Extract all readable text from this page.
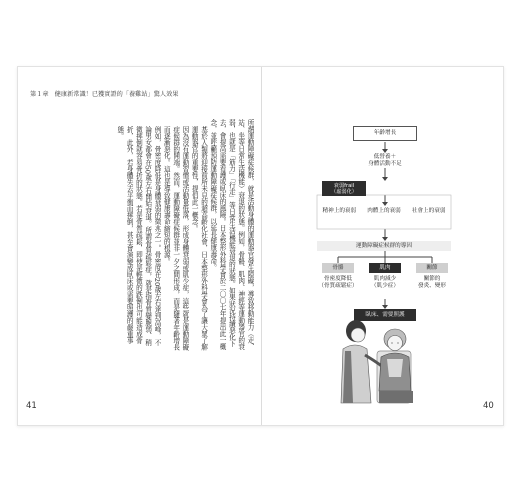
所謂運動障礙症候群，就是活動身體的運動器官發生障礙，導致移動能力（走、站、坐等日常生活機能）衰退的狀態。例如，骨骼、肌肉、神經等運動器官的衰弱，也就是「筋力」「行走」等日常生活機能衰退的狀態。如果狀況持續惡化下去，會提高需要看護或臥床的風險。日本整形外科學會於二〇〇七年提出此一概念，並呼籲預防運動障礙症候群，以延長健康壽命。
基於人類將迎接前所未見的超高齡化社會，日本整形外科學會為了讓大眾了解運動器官的重要性，提倡此一概念。
因為沒有運動習慣或活動量低落，形成身體衰弱或肌少症，這些就是運動障礙症候群的開端。然而，運動障礙症候群並非一夕之間形成，而是隨著年齡增長而逐漸惡化。這也是導致健康壽命縮短的根源。
例如，骨密度降低是身體衰弱的徵兆之一。骨密度在20歲左右達到高峰，不論男女都會在50歲左右開始衰退。所謂骨質疏鬆症，就是指骨質變脆弱、稍微摔倒就容易骨折的狀態。若是骨質疏鬆，即使是輕微的跌倒也可能造成骨折，此外，若身體失去平衡而摔倒，甚至會演變成臥床或需要照護的嚴重事態。
41
第１章　健康新常識！已獲實證的「養雞站」驚人效果
年齡增長
低營養＋
身體活動不足
衰弱frail
（虛弱化）
精神上的衰弱 肉體上的衰弱 社會上的衰弱
運動障礙症候群的導因
骨骼	肌肉	關節
骨密度降低
（骨質疏鬆症）
肌肉減少
（肌少症）
關節的
發炎、變形
臥床、需要照護
40
